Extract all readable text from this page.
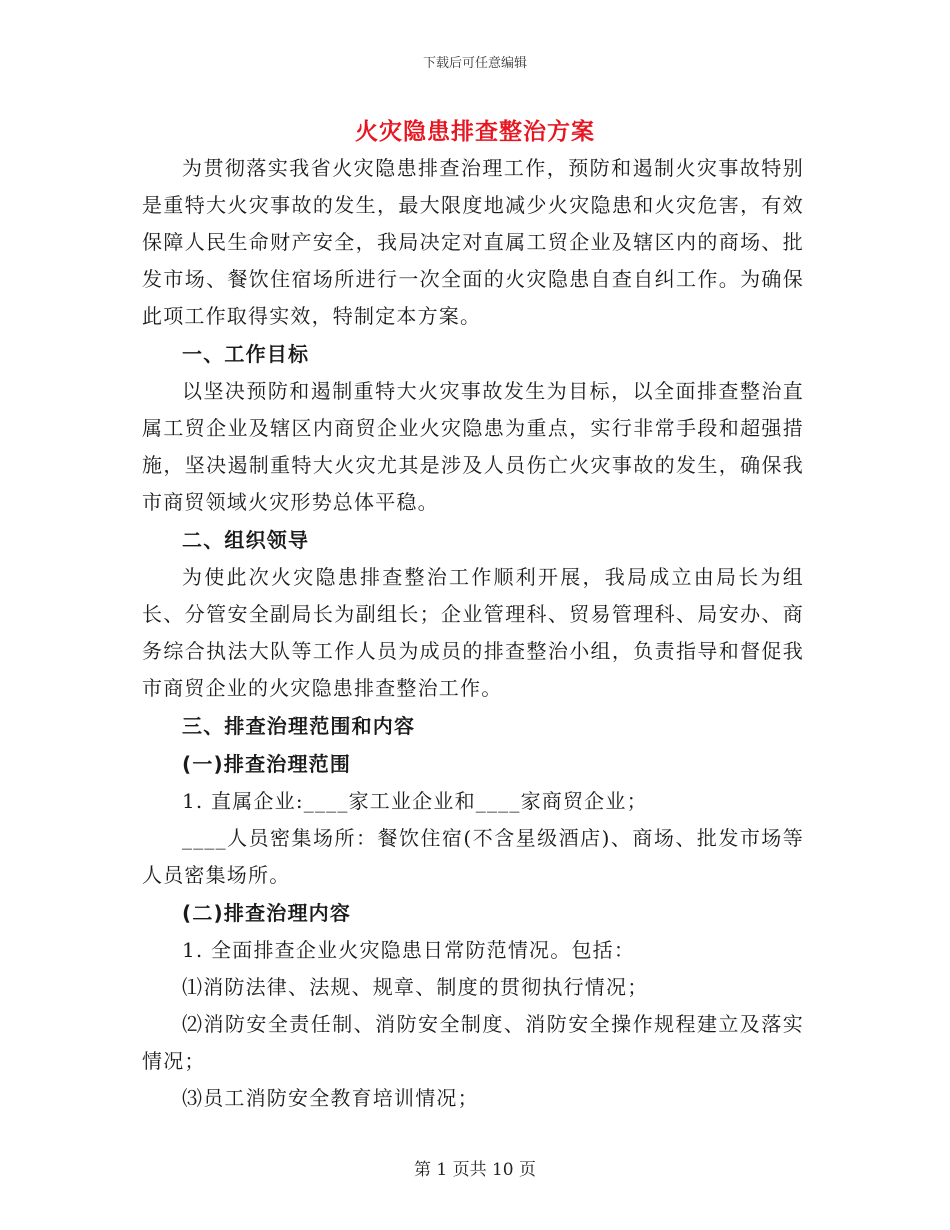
下载后可任意编辑
火灾隐患排查整治方案

为贯彻落实我省火灾隐患排查治理工作，预防和遏制火灾事故特别是重特大火灾事故的发生，最大限度地减少火灾隐患和火灾危害，有效保障人民生命财产安全，我局决定对直属工贸企业及辖区内的商场、批发市场、餐饮住宿场所进行一次全面的火灾隐患自查自纠工作。为确保此项工作取得实效，特制定本方案。

一、工作目标

以坚决预防和遏制重特大火灾事故发生为目标，以全面排查整治直属工贸企业及辖区内商贸企业火灾隐患为重点，实行非常手段和超强措施，坚决遏制重特大火灾尤其是涉及人员伤亡火灾事故的发生，确保我市商贸领域火灾形势总体平稳。

二、组织领导

为使此次火灾隐患排查整治工作顺利开展，我局成立由局长为组长、分管安全副局长为副组长；企业管理科、贸易管理科、局安办、商务综合执法大队等工作人员为成员的排查整治小组，负责指导和督促我市商贸企业的火灾隐患排查整治工作。

三、排查治理范围和内容
(一)排查治理范围

1. 直属企业:____家工业企业和____家商贸企业；

____人员密集场所：餐饮住宿(不含星级酒店)、商场、批发市场等人员密集场所。

(二)排查治理内容

1. 全面排查企业火灾隐患日常防范情况。包括：

⑴消防法律、法规、规章、制度的贯彻执行情况；

⑵消防安全责任制、消防安全制度、消防安全操作规程建立及落实情况；

⑶员工消防安全教育培训情况；

第 1 页共 10 页
